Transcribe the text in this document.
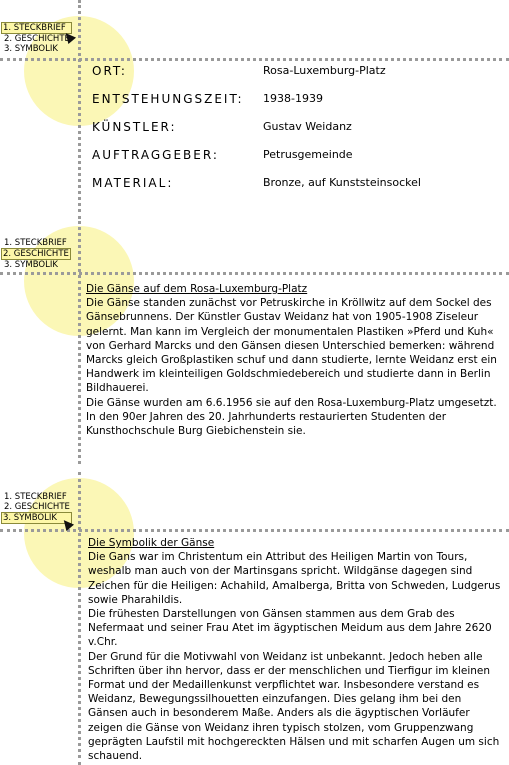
1. STECKBRIEF
2. GESCHICHTE
3. SYMBOLIK
ORT:	Rosa-Luxemburg-Platz
ENTSTEHUNGSZEIT: 1938-1939
KÜNSTLER:	Gustav Weidanz
AUFTRAGGEBER:	Petrusgemeinde
MATERIAL:	Bronze, auf Kunststeinsockel
1. STECKBRIEF
2. GESCHICHTE
3. SYMBOLIK
Die Gänse auf dem Rosa-Luxemburg-Platz

Die Gänse standen zunächst vor Petruskirche in Kröllwitz auf dem Sockel des Gänsebrunnens. Der Künstler Gustav Weidanz hat von 1905-1908 Ziseleur gelernt. Man kann im Vergleich der monumentalen Plastiken »Pferd und Kuh« von Gerhard Marcks und den Gänsen diesen Unterschied bemerken: während Marcks gleich Großplastiken schuf und dann studierte, lernte Weidanz erst ein Handwerk im kleinteiligen Goldschmiedebereich und studierte dann in Berlin Bildhauerei.

Die Gänse wurden am 6.6.1956 sie auf den Rosa-Luxemburg-Platz umgesetzt. In den 90er Jahren des 20. Jahrhunderts restaurierten Studenten der Kunsthochschule Burg Giebichenstein sie.

1. STECKBRIEF
2. GESCHICHTE
3. SYMBOLIK
Die Symbolik der Gänse

Die Gans war im Christentum ein Attribut des Heiligen Martin von Tours, weshalb man auch von der Martinsgans spricht. Wildgänse dagegen sind Zeichen für die Heiligen: Achahild, Amalberga, Britta von Schweden, Ludgerus sowie Pharahildis.

Die frühesten Darstellungen von Gänsen stammen aus dem Grab des Nefermaat und seiner Frau Atet im ägyptischen Meidum aus dem Jahre 2620 v.Chr.

Der Grund für die Motivwahl von Weidanz ist unbekannt. Jedoch heben alle Schriften über ihn hervor, dass er der menschlichen und Tierfigur im kleinen Format und der Medaillenkunst verpflichtet war. Insbesondere verstand es Weidanz, Bewegungssilhouetten einzufangen. Dies gelang ihm bei den Gänsen auch in besonderem Maße. Anders als die ägyptischen Vorläufer zeigen die Gänse von Weidanz ihren typisch stolzen, vom Gruppenzwang geprägten Laufstil mit hochgereckten Hälsen und mit scharfen Augen um sich schauend.
